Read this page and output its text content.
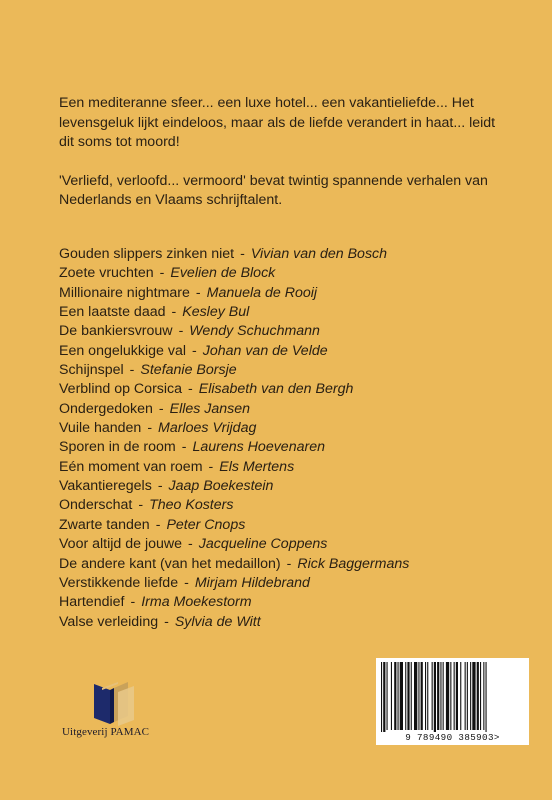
Een mediteranne sfeer... een luxe hotel... een vakantieliefde... Het levensgeluk lijkt eindeloos, maar als de liefde verandert in haat... leidt dit soms tot moord!

'Verliefd, verloofd... vermoord' bevat twintig spannende verhalen van Nederlands en Vlaams schrijftalent.

Gouden slippers zinken niet - Vivian van den Bosch
Zoete vruchten - Evelien de Block
Millionaire nightmare - Manuela de Rooij
Een laatste daad - Kesley Bul
De bankiersvrouw - Wendy Schuchmann
Een ongelukkige val - Johan van de Velde
Schijnspel - Stefanie Borsje
Verblind op Corsica - Elisabeth van den Bergh
Ondergedoken - Elles Jansen
Vuile handen - Marloes Vrijdag
Sporen in de room - Laurens Hoevenaren
Eén moment van roem - Els Mertens
Vakantieregels - Jaap Boekestein
Onderschat - Theo Kosters
Zwarte tanden - Peter Cnops
Voor altijd de jouwe - Jacqueline Coppens
De andere kant (van het medaillon) - Rick Baggermans
Verstikkende liefde - Mirjam Hildebrand
Hartendief - Irma Moekestorm
Valse verleiding - Sylvia de Witt
Uitgeverij PAMAC	9 789490 385903>
